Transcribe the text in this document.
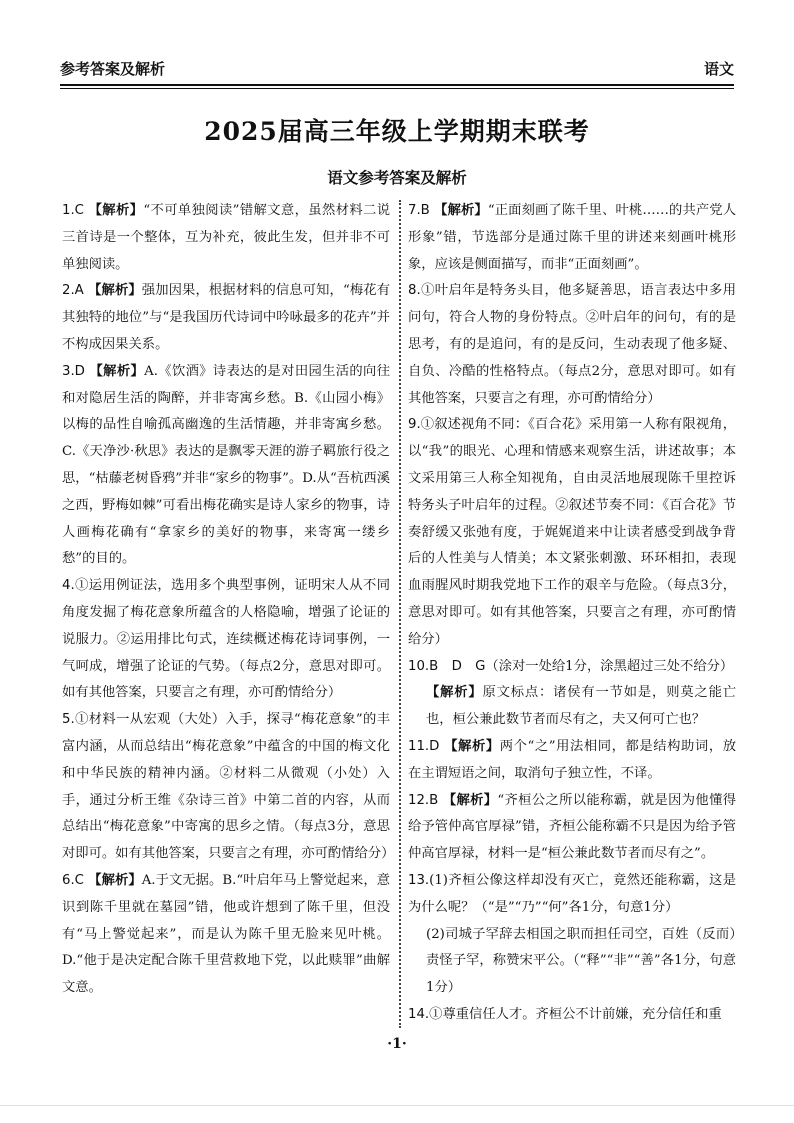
参考答案及解析	语文
2025届高三年级上学期期末联考
语文参考答案及解析
1.C 【解析】“不可单独阅读”错解文意，虽然材料二说三首诗是一个整体，互为补充，彼此生发，但并非不可单独阅读。
2.A 【解析】强加因果，根据材料的信息可知，“梅花有其独特的地位”与“是我国历代诗词中吟咏最多的花卉”并不构成因果关系。
3.D 【解析】A.《饮酒》诗表达的是对田园生活的向往和对隐居生活的陶醉，并非寄寓乡愁。B.《山园小梅》以梅的品性自喻孤高幽逸的生活情趣，并非寄寓乡愁。C.《天净沙·秋思》表达的是飘零天涯的游子羁旅行役之思，“枯藤老树昏鸦”并非“家乡的物事”。D.从“吾杭西溪之西，野梅如棘”可看出梅花确实是诗人家乡的物事，诗人画梅花确有“拿家乡的美好的物事，来寄寓一缕乡愁”的目的。
4.①运用例证法，选用多个典型事例，证明宋人从不同角度发掘了梅花意象所蕴含的人格隐喻，增强了论证的说服力。②运用排比句式，连续概述梅花诗词事例，一气呵成，增强了论证的气势。（每点2分，意思对即可。如有其他答案，只要言之有理，亦可酌情给分）
5.①材料一从宏观（大处）入手，探寻“梅花意象”的丰富内涵，从而总结出“梅花意象”中蕴含的中国的梅文化和中华民族的精神内涵。②材料二从微观（小处）入手，通过分析王维《杂诗三首》中第二首的内容，从而总结出“梅花意象”中寄寓的思乡之情。（每点3分，意思对即可。如有其他答案，只要言之有理，亦可酌情给分）
6.C 【解析】A.于文无据。B.“叶启年马上警觉起来，意识到陈千里就在墓园”错，他或许想到了陈千里，但没有“马上警觉起来”，而是认为陈千里无脸来见叶桃。D.“他于是决定配合陈千里营救地下党，以此赎罪”曲解文意。
7.B 【解析】“正面刻画了陈千里、叶桃……的共产党人形象”错，节选部分是通过陈千里的讲述来刻画叶桃形象，应该是侧面描写，而非“正面刻画”。
8.①叶启年是特务头目，他多疑善思，语言表达中多用问句，符合人物的身份特点。②叶启年的问句，有的是思考，有的是追问，有的是反问，生动表现了他多疑、自负、冷酷的性格特点。（每点2分，意思对即可。如有其他答案，只要言之有理，亦可酌情给分）
9.①叙述视角不同：《百合花》采用第一人称有限视角，以“我”的眼光、心理和情感来观察生活，讲述故事；本文采用第三人称全知视角，自由灵活地展现陈千里控诉特务头子叶启年的过程。②叙述节奏不同：《百合花》节奏舒缓又张弛有度，于娓娓道来中让读者感受到战争背后的人性美与人情美；本文紧张刺激、环环相扣，表现血雨腥风时期我党地下工作的艰辛与危险。（每点3分，意思对即可。如有其他答案，只要言之有理，亦可酌情给分）
10.B　D　G（涂对一处给1分，涂黑超过三处不给分）
【解析】原文标点：诸侯有一节如是，则莫之能亡也，桓公兼此数节者而尽有之，夫又何可亡也？
11.D 【解析】两个“之”用法相同，都是结构助词，放在主谓短语之间，取消句子独立性，不译。
12.B 【解析】“齐桓公之所以能称霸，就是因为他懂得给予管仲高官厚禄”错，齐桓公能称霸不只是因为给予管仲高官厚禄，材料一是“桓公兼此数节者而尽有之”。
13.(1)齐桓公像这样却没有灭亡，竟然还能称霸，这是为什么呢？（“是”“乃”“何”各1分，句意1分）
(2)司城子罕辞去相国之职而担任司空，百姓（反而）责怪子罕，称赞宋平公。（“释”“非”“善”各1分，句意1分）
14.①尊重信任人才。齐桓公不计前嫌，充分信任和重
·1·
